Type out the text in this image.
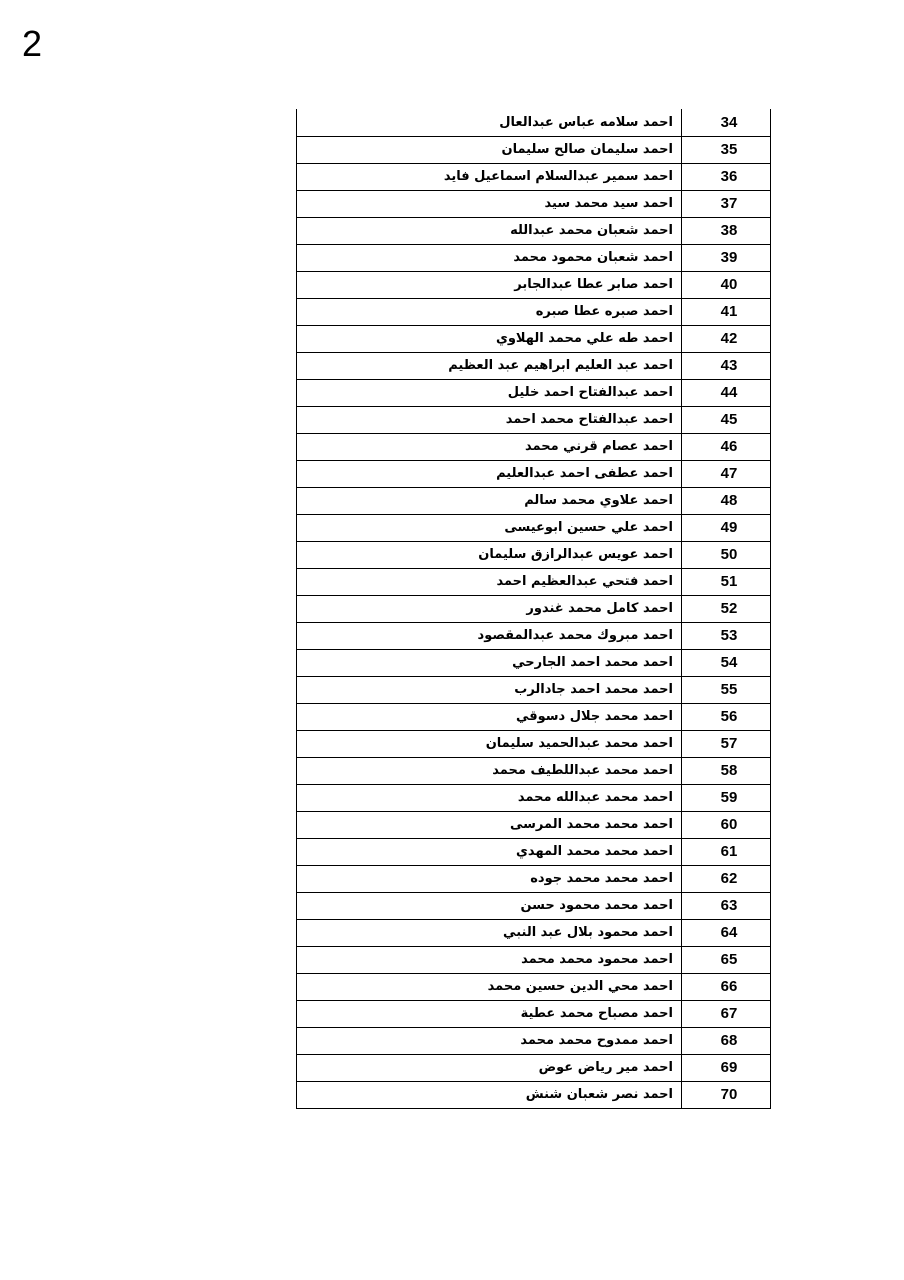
2
احمد سلامه عباس عبدالعال	34
احمد سليمان صالح سليمان	35
احمد سمير عبدالسلام اسماعيل فايد	36
احمد سيد محمد سيد	37
احمد شعبان محمد عبدالله	38
احمد شعبان محمود محمد	39
احمد صابر عطا عبدالجابر	40
احمد صبره عطا صبره	41
احمد طه علي محمد الهلاوي	42
احمد عبد العليم ابراهيم عبد العظيم	43
احمد عبدالفتاح احمد خليل	44
احمد عبدالفتاح محمد احمد	45
احمد عصام قرني محمد	46
احمد عطفى احمد عبدالعليم	47
احمد علاوي محمد سالم	48
احمد علي حسين ابوعيسى	49
احمد عويس عبدالرازق سليمان	50
احمد فتحي عبدالعظيم احمد	51
احمد كامل محمد غندور	52
احمد مبروك محمد عبدالمقصود	53
احمد محمد احمد الجارحي	54
احمد محمد احمد جادالرب	55
احمد محمد جلال دسوقي	56
احمد محمد عبدالحميد سليمان	57
احمد محمد عبداللطيف محمد	58
احمد محمد عبدالله محمد	59
احمد محمد محمد المرسى	60
احمد محمد محمد المهدي	61
احمد محمد محمد جوده	62
احمد محمد محمود حسن	63
احمد محمود بلال عبد النبي	64
احمد محمود محمد محمد	65
احمد محي الدين حسين محمد	66
احمد مصباح محمد عطية	67
احمد ممدوح محمد محمد	68
احمد مير رياض عوض	69
احمد نصر شعبان شنش	70
